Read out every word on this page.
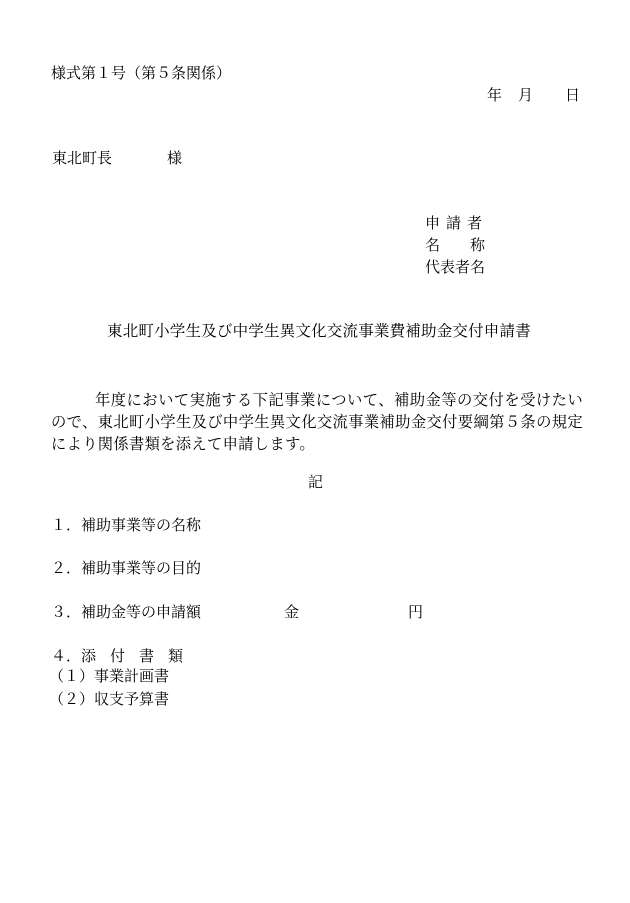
様式第１号（第５条関係）
年 月 日
東北町長	様
申請者
名 称
代表者名
東北町小学生及び中学生異文化交流事業費補助金交付申請書
年度において実施する下記事業について、補助金等の交付を受けたいので、東北町小学生及び中学生異文化交流事業補助金交付要綱第５条の規定により関係書類を添えて申請します。
記
１．補助事業等の名称
２．補助事業等の目的
３．補助金等の申請額	金	円
４．添付書類
（１）事業計画書
（２）収支予算書
